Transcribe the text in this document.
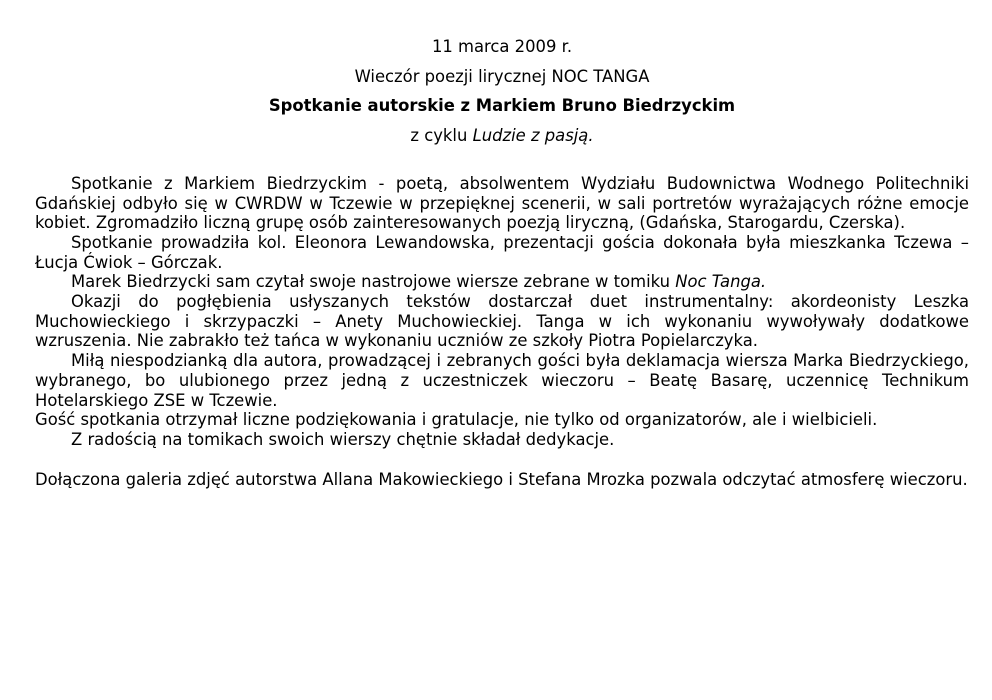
11 marca 2009 r.

Wieczór poezji lirycznej NOC TANGA

Spotkanie autorskie z Markiem Bruno Biedrzyckim

z cyklu Ludzie z pasją.

Spotkanie z Markiem Biedrzyckim - poetą, absolwentem Wydziału Budownictwa Wodnego Politechniki Gdańskiej odbyło się w CWRDW w Tczewie w przepięknej scenerii, w sali portretów wyrażających różne emocje kobiet. Zgromadziło liczną grupę osób zainteresowanych poezją liryczną, (Gdańska, Starogardu, Czerska).

Spotkanie prowadziła kol. Eleonora Lewandowska, prezentacji gościa dokonała była mieszkanka Tczewa – Łucja Ćwiok – Górczak.

Marek Biedrzycki sam czytał swoje nastrojowe wiersze zebrane w tomiku Noc Tanga.

Okazji do pogłębienia usłyszanych tekstów dostarczał duet instrumentalny: akordeonisty Leszka Muchowieckiego i skrzypaczki – Anety Muchowieckiej. Tanga w ich wykonaniu wywoływały dodatkowe wzruszenia. Nie zabrakło też tańca w wykonaniu uczniów ze szkoły Piotra Popielarczyka.

Miłą niespodzianką dla autora, prowadzącej i zebranych gości była deklamacja wiersza Marka Biedrzyckiego, wybranego, bo ulubionego przez jedną z uczestniczek wieczoru – Beatę Basarę, uczennicę Technikum Hotelarskiego ZSE w Tczewie.

Gość spotkania otrzymał liczne podziękowania i gratulacje, nie tylko od organizatorów, ale i wielbicieli.

Z radością na tomikach swoich wierszy chętnie składał dedykacje.

Dołączona galeria zdjęć autorstwa Allana Makowieckiego i Stefana Mrozka pozwala odczytać atmosferę wieczoru.
